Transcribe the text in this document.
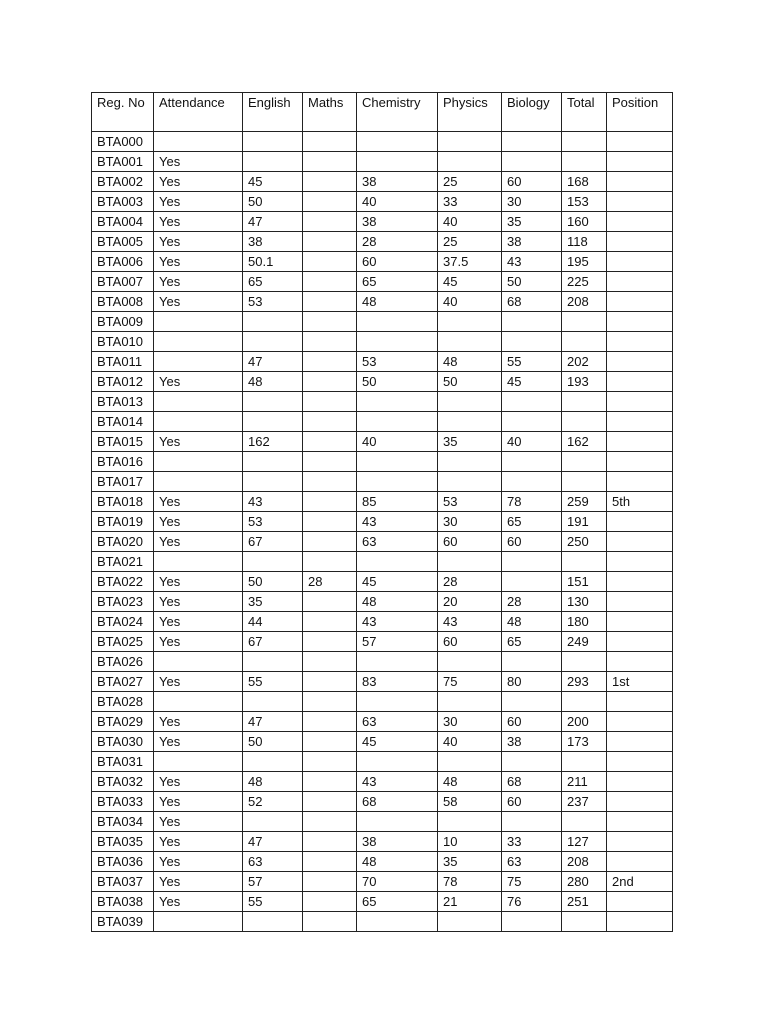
Reg. No	Attendance	English	Maths	Chemistry	Physics	Biology	Total	Position
BTA000								
BTA001	Yes							
BTA002	Yes	45		38	25	60	168	
BTA003	Yes	50		40	33	30	153	
BTA004	Yes	47		38	40	35	160	
BTA005	Yes	38		28	25	38	118	
BTA006	Yes	50.1		60	37.5	43	195	
BTA007	Yes	65		65	45	50	225	
BTA008	Yes	53		48	40	68	208	
BTA009								
BTA010								
BTA011		47		53	48	55	202	
BTA012	Yes	48		50	50	45	193	
BTA013								
BTA014								
BTA015	Yes	162		40	35	40	162	
BTA016								
BTA017								
BTA018	Yes	43		85	53	78	259	5th
BTA019	Yes	53		43	30	65	191	
BTA020	Yes	67		63	60	60	250	
BTA021								
BTA022	Yes	50	28	45	28		151	
BTA023	Yes	35		48	20	28	130	
BTA024	Yes	44		43	43	48	180	
BTA025	Yes	67		57	60	65	249	
BTA026								
BTA027	Yes	55		83	75	80	293	1st
BTA028								
BTA029	Yes	47		63	30	60	200	
BTA030	Yes	50		45	40	38	173	
BTA031								
BTA032	Yes	48		43	48	68	211	
BTA033	Yes	52		68	58	60	237	
BTA034	Yes							
BTA035	Yes	47		38	10	33	127	
BTA036	Yes	63		48	35	63	208	
BTA037	Yes	57		70	78	75	280	2nd
BTA038	Yes	55		65	21	76	251	
BTA039								
